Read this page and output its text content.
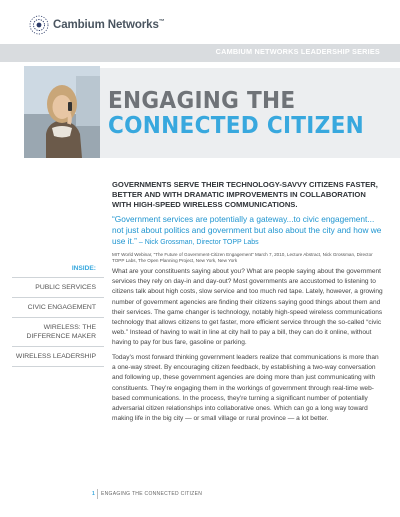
Cambium Networks™
CAMBIUM NETWORKS LEADERSHIP SERIES
ENGAGING THE
CONNECTED CITIZEN
GOVERNMENTS SERVE THEIR TECHNOLOGY-SAVVY CITIZENS FASTER, BETTER AND WITH DRAMATIC IMPROVEMENTS IN COLLABORATION WITH HIGH-SPEED WIRELESS COMMUNICATIONS.
“Government services are potentially a gateway...to civic engagement... not just about politics and government but also about the city and how we use it.” – Nick Grossman, Director TOPP Labs
MIT World Webinar, “The Future of Government-Citizen Engagement” March 7, 2010, Lecture Abstract, Nick Grossman, Director TOPP Labs, The Open Planning Project, New York, New York
INSIDE:
PUBLIC SERVICES
CIVIC ENGAGEMENT
WIRELESS: THE DIFFERENCE MAKER
WIRELESS LEADERSHIP
What are your constituents saying about you? What are people saying about the government services they rely on day-in and day-out? Most governments are accustomed to listening to citizens talk about high costs, slow service and too much red tape. Lately, however, a growing number of government agencies are finding their citizens saying good things about them and their services. The game changer is technology, notably high-speed wireless communications technology that allows citizens to get faster, more efficient service through the so-called “civic web.” Instead of having to wait in line at city hall to pay a bill, they can do it online, without having to pay for bus fare, gasoline or parking.
Today’s most forward thinking government leaders realize that communications is more than a one-way street. By encouraging citizen feedback, by establishing a two-way conversation and following up, these government agencies are doing more than just communicating with constituents. They’re engaging them in the workings of government through real-time web-based communications. In the process, they’re turning a significant number of potentially adversarial citizen relationships into collaborative ones. Which can go a long way toward making life in the big city — or small village or rural province — a lot better.
1 ENGAGING THE CONNECTED CITIZEN
